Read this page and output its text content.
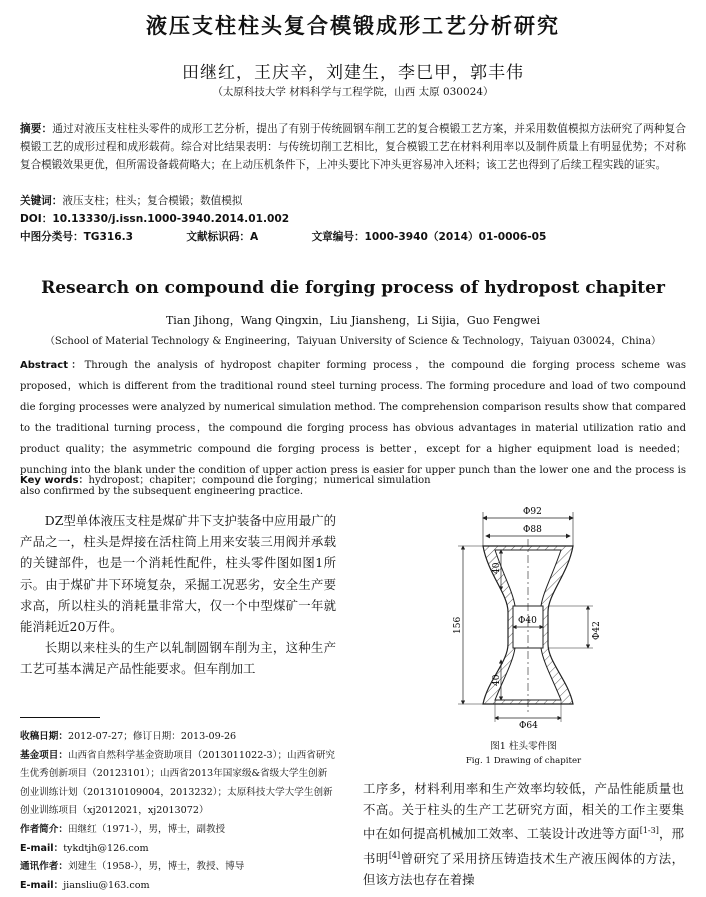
液压支柱柱头复合模锻成形工艺分析研究
田继红，王庆辛，刘建生，李巳甲，郭丰伟
（太原科技大学 材料科学与工程学院，山西 太原 030024）
摘要：通过对液压支柱柱头零件的成形工艺分析，提出了有别于传统圆钢车削工艺的复合模锻工艺方案，并采用数值模拟方法研究了两种复合模锻工艺的成形过程和成形载荷。综合对比结果表明：与传统切削工艺相比，复合模锻工艺在材料利用率以及制件质量上有明显优势；不对称复合模锻效果更优，但所需设备载荷略大；在上动压机条件下，上冲头要比下冲头更容易冲入坯料；该工艺也得到了后续工程实践的证实。
关键词：液压支柱；柱头；复合模锻；数值模拟
DOI：10.13330/j.issn.1000-3940.2014.01.002
中图分类号：TG316.3	文献标识码：A	文章编号：1000-3940（2014）01-0006-05
Research on compound die forging process of hydropost chapiter
Tian Jihong，Wang Qingxin，Liu Jiansheng，Li Sijia，Guo Fengwei
（School of Material Technology & Engineering，Taiyuan University of Science & Technology，Taiyuan 030024，China）
Abstract：Through the analysis of hydropost chapiter forming process，the compound die forging process scheme was proposed，which is different from the traditional round steel turning process. The forming procedure and load of two compound die forging processes were analyzed by numerical simulation method. The comprehension comparison results show that compared to the traditional turning process，the compound die forging process has obvious advantages in material utilization ratio and product quality；the asymmetric compound die forging process is better，except for a higher equipment load is needed；punching into the blank under the condition of upper action press is easier for upper punch than the lower one and the process is also confirmed by the subsequent engineering practice.
Key words：hydropost；chapiter；compound die forging；numerical simulation

DZ型单体液压支柱是煤矿井下支护装备中应用最广的产品之一，柱头是焊接在活柱筒上用来安装三用阀并承载的关键部件，也是一个消耗性配件，柱头零件图如图1所示。由于煤矿井下环境复杂，采掘工况恶劣，安全生产要求高，所以柱头的消耗量非常大，仅一个中型煤矿一年就能消耗近20万件。

长期以来柱头的生产以轧制圆钢车削为主，这种生产工艺可基本满足产品性能要求。但车削加工

收稿日期：2012-07-27；修订日期：2013-09-26
基金项目：山西省自然科学基金资助项目（2013011022-3）；山西省研究生优秀创新项目（20123101）；山西省2013年国家级&省级大学生创新创业训练计划（201310109004，2013232）；太原科技大学大学生创新创业训练项目（xj2012021，xj2013072）
作者简介：田继红（1971-），男，博士，副教授
E-mail：tykdtjh@126.com
通讯作者：刘建生（1958-），男，博士，教授、博导
E-mail：jiansliu@163.com
Φ92
Φ88
40
Φ40
Φ42
156
40
Φ64
图1 柱头零件图
Fig. 1 Drawing of chapiter

工序多，材料利用率和生产效率均较低，产品性能质量也不高。关于柱头的生产工艺研究方面，相关的工作主要集中在如何提高机械加工效率、工装设计改进等方面[1-3]，邢书明[4]曾研究了采用挤压铸造技术生产液压阀体的方法，但该方法也存在着操
